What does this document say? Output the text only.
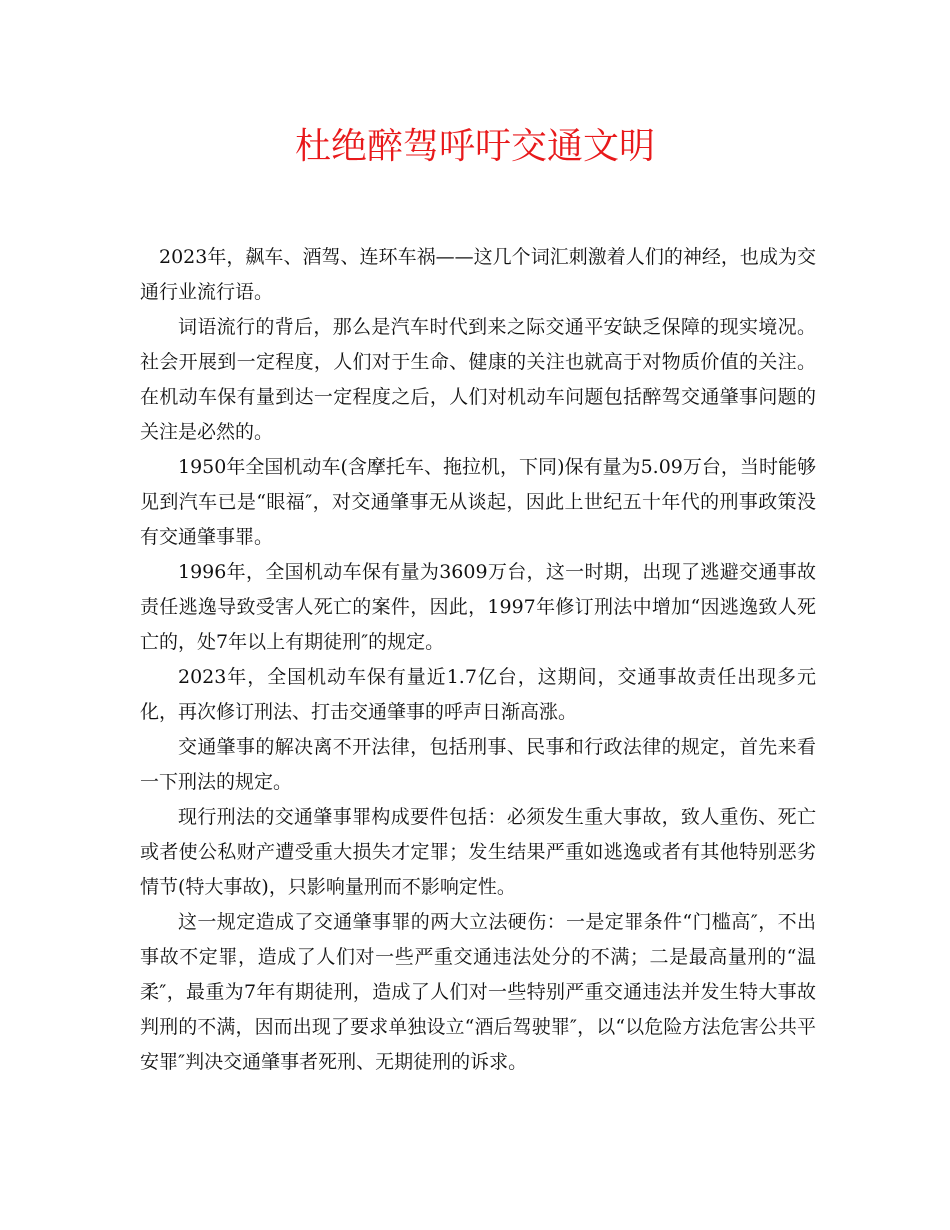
杜绝醉驾呼吁交通文明

2023年，飙车、酒驾、连环车祸——这几个词汇刺激着人们的神经，也成为交通行业流行语。

词语流行的背后，那么是汽车时代到来之际交通平安缺乏保障的现实境况。社会开展到一定程度，人们对于生命、健康的关注也就高于对物质价值的关注。在机动车保有量到达一定程度之后，人们对机动车问题包括醉驾交通肇事问题的关注是必然的。

1950年全国机动车(含摩托车、拖拉机，下同)保有量为5.09万台，当时能够见到汽车已是“眼福″，对交通肇事无从谈起，因此上世纪五十年代的刑事政策没有交通肇事罪。

1996年，全国机动车保有量为3609万台，这一时期，出现了逃避交通事故责任逃逸导致受害人死亡的案件，因此，1997年修订刑法中增加“因逃逸致人死亡的，处7年以上有期徒刑″的规定。

2023年，全国机动车保有量近1.7亿台，这期间，交通事故责任出现多元化，再次修订刑法、打击交通肇事的呼声日渐高涨。

交通肇事的解决离不开法律，包括刑事、民事和行政法律的规定，首先来看一下刑法的规定。

现行刑法的交通肇事罪构成要件包括：必须发生重大事故，致人重伤、死亡或者使公私财产遭受重大损失才定罪；发生结果严重如逃逸或者有其他特别恶劣情节(特大事故)，只影响量刑而不影响定性。

这一规定造成了交通肇事罪的两大立法硬伤：一是定罪条件“门槛高″，不出事故不定罪，造成了人们对一些严重交通违法处分的不满；二是最高量刑的“温柔″，最重为7年有期徒刑，造成了人们对一些特别严重交通违法并发生特大事故判刑的不满，因而出现了要求单独设立“酒后驾驶罪″，以“以危险方法危害公共平安罪″判决交通肇事者死刑、无期徒刑的诉求。
